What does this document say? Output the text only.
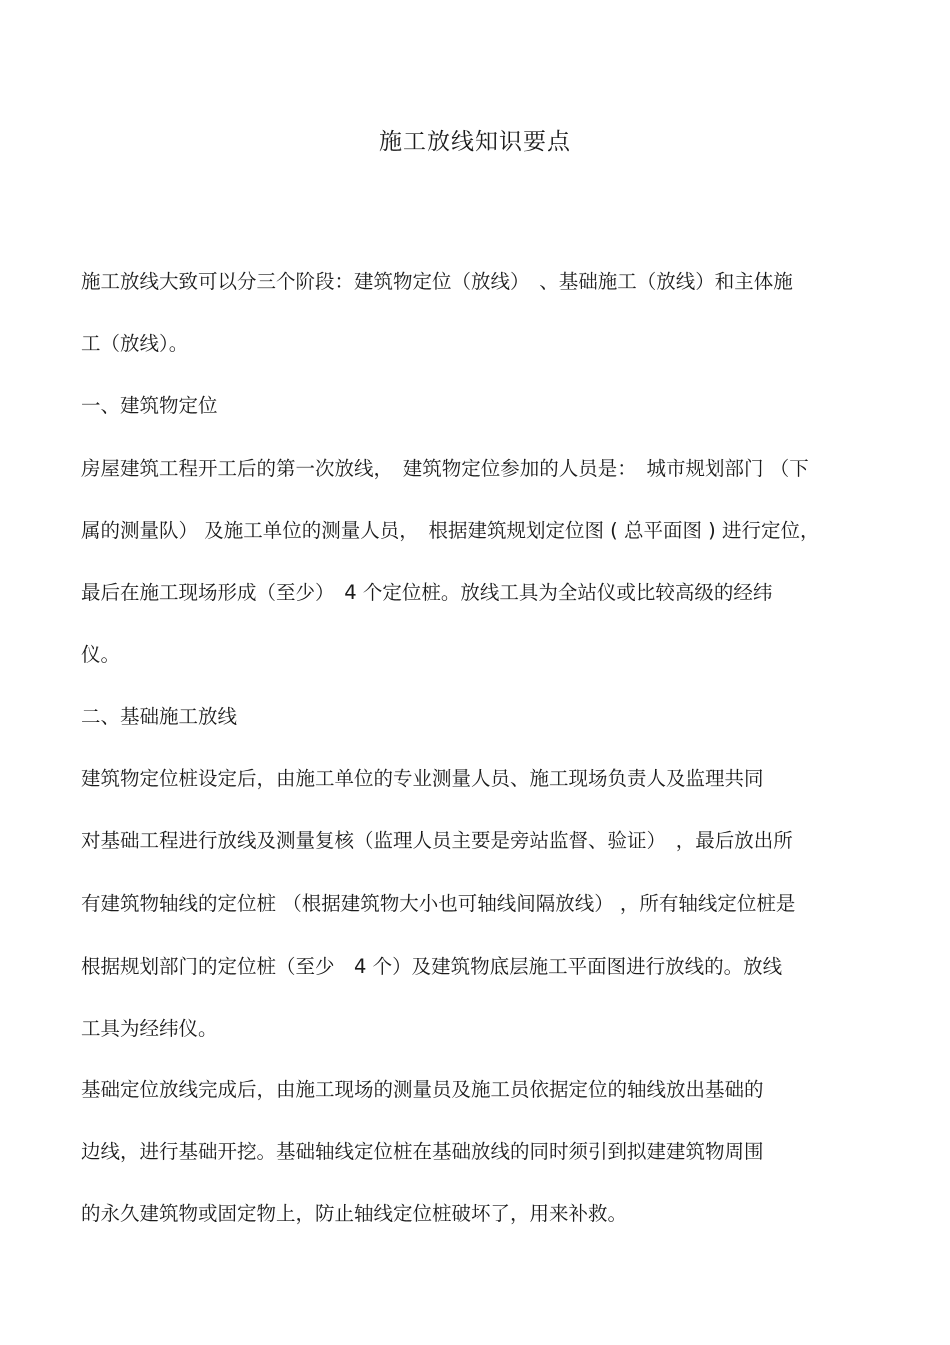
施工放线知识要点
施工放线大致可以分三个阶段：建筑物定位（放线）　、基础施工（放线）和主体施
工（放线）。
一、建筑物定位
房屋建筑工程开工后的第一次放线，　建筑物定位参加的人员是：　城市规划部门 （下
属的测量队） 及施工单位的测量人员，　根据建筑规划定位图 ( 总平面图 ) 进行定位，
最后在施工现场形成（至少）　4 个定位桩。放线工具为全站仪或比较高级的经纬
仪。
二、基础施工放线
建筑物定位桩设定后，由施工单位的专业测量人员、施工现场负责人及监理共同
对基础工程进行放线及测量复核（监理人员主要是旁站监督、验证）　，最后放出所
有建筑物轴线的定位桩 （根据建筑物大小也可轴线间隔放线） ，所有轴线定位桩是
根据规划部门的定位桩（至少　4 个）及建筑物底层施工平面图进行放线的。放线
工具为经纬仪。
基础定位放线完成后，由施工现场的测量员及施工员依据定位的轴线放出基础的
边线，进行基础开挖。基础轴线定位桩在基础放线的同时须引到拟建建筑物周围
的永久建筑物或固定物上，防止轴线定位桩破坏了，用来补救。
